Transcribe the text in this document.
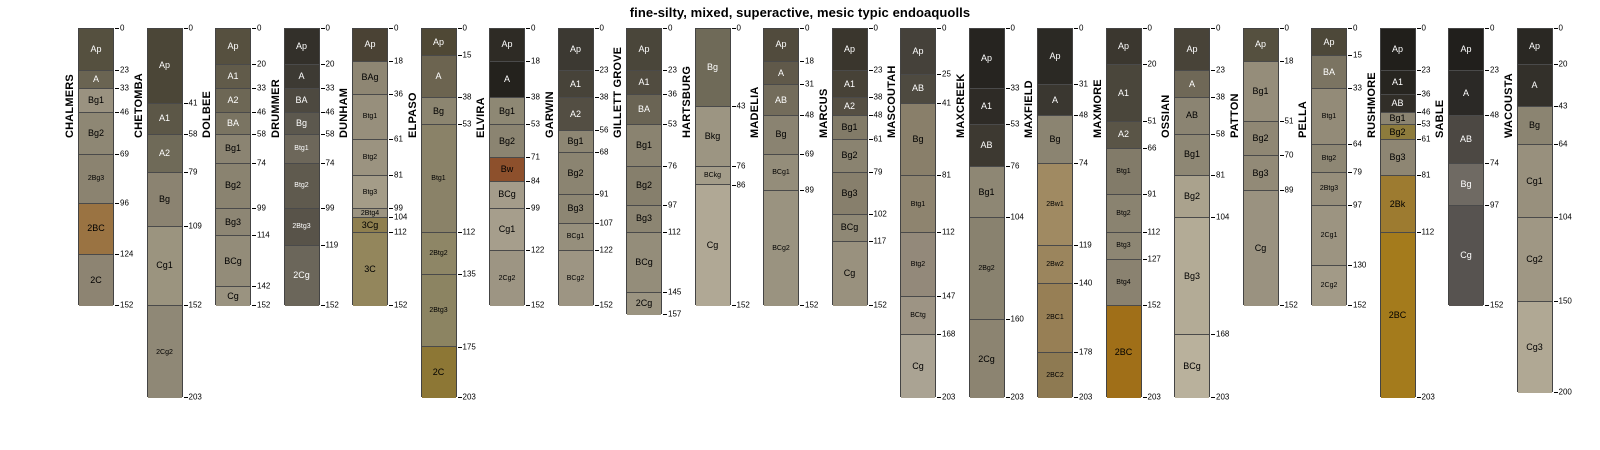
fine-silty, mixed, superactive, mesic typic endoaquolls
CHALMERS
Ap
A
Bg1
Bg2
2Bg3
2BC
2C
0
23
33
46
69
96
124
152
CHETOMBA
Ap
A1
A2
Bg
Cg1
2Cg2
0
41
58
79
109
152
203
DOLBEE
Ap
A1
A2
BA
Bg1
Bg2
Bg3
BCg
Cg
0
20
33
46
58
74
99
114
142
152
DRUMMER
Ap
A
BA
Bg
Btg1
Btg2
2Btg3
2Cg
0
20
33
46
58
74
99
119
152
DUNHAM
Ap
BAg
Btg1
Btg2
Btg3
2Btg4
3Cg
3C
0
18
36
61
81
99
104
112
152
ELPASO
Ap
A
Bg
Btg1
2Btg2
2Btg3
2C
0
15
38
53
112
135
175
203
ELVIRA
Ap
A
Bg1
Bg2
Bw
BCg
Cg1
2Cg2
0
18
38
53
71
84
99
122
152
GARWIN
Ap
A1
A2
Bg1
Bg2
Bg3
BCg1
BCg2
0
23
38
56
68
91
107
122
152
GILLETT GROVE Ap
A1
BA
Bg1
Bg2
Bg3
BCg
2Cg
0
23
36
53
76
97
112
145
157
HARTSBURG Bg
Bkg
BCkg
Cg
0
43
76
86
152
MADELIA
Ap
A
AB
Bg
BCg1
BCg2
0
18
31
48
69
89
152
MARCUS
Ap
A1
A2
Bg1
Bg2
Bg3
BCg
Cg
0
23
38
48
61
79
102
117
152
MASCOUTAH
Ap
AB
Bg
Btg1
Btg2
BCtg
Cg
0
25
41
81
112
147
168
203
MAXCREEK
Ap
A1
AB
Bg1
2Bg2
2Cg
0
33
53
76
104
160
203
MAXFIELD
Ap
A
Bg
2Bw1
2Bw2
2BC1
2BC2
0
31
48
74
119
140
178
203
MAXMORE
Ap
A1
A2
Btg1
Btg2
Btg3
Btg4
2BC
0
20
51
66
91
112
127
152
203
OSSIAN
Ap
A
AB
Bg1
Bg2
Bg3
BCg
0
23
38
58
81
104
168
203
PATTON
Ap
Bg1
Bg2
Bg3
Cg
0
18
51
70
89
152
PELLA
Ap
BA
Btg1
Btg2
2Btg3
2Cg1
2Cg2
0
15
33
64
79
97
130
152
RUSHMORE
Ap
A1
AB
Bg1
Bg2
Bg3
2Bk
2BC
0
23
36
46
53
61
81
112
203
SABLE
Ap
A
AB
Bg
Cg
0
23
48
74
97
152
WACOUSTA
Ap
A
Bg
Cg1
Cg2
Cg3
0
20
43
64
104
150
200
